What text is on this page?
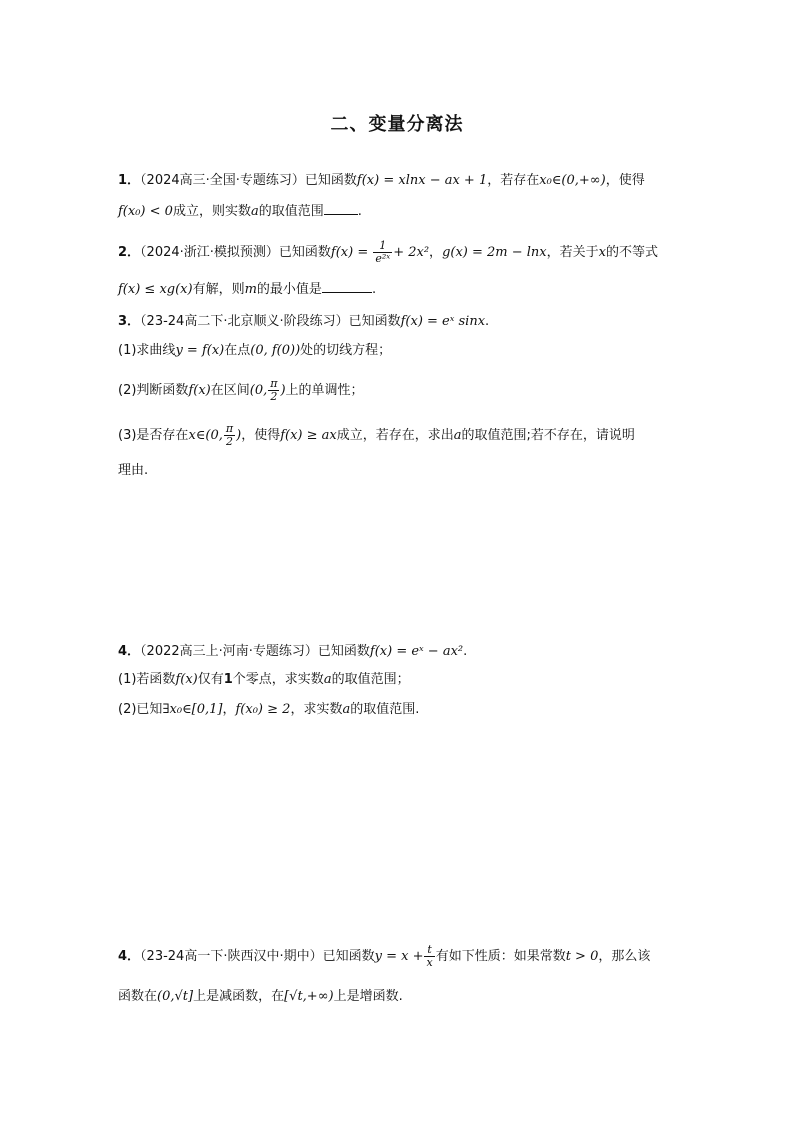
二、变量分离法
1．（2024高三·全国·专题练习）已知函数f(x) = xlnx − ax + 1，若存在x₀∈(0,+∞)，使得
f(x₀) < 0成立，则实数a的取值范围	.
2．（2024·浙江·模拟预测）已知函数$f(x) = \frac{1}{\text{e²ˣ}} + 2x^2$，g(x) = 2m − lnx，若关于x的不等式
f(x) ≤ xg(x)有解，则m的最小值是	.
3．（23-24高二下·北京顺义·阶段练习）已知函数f(x) = eˣ sinx.
(1)求曲线y = f(x)在点(0, f(0))处的切线方程；
(2)判断函数f(x)在区间(0, $\frac{\pi}{2}$ )上的单调性；
(3)是否存在x∈(0, $\frac{\pi}{2}$ )，使得f(x) ≥ ax成立，若存在，求出a的取值范围;若不存在，请说明
理由.
4．（2022高三上·河南·专题练习）已知函数f(x) = eˣ − ax².
(1)若函数f(x)仅有1个零点，求实数a的取值范围；
(2)已知∃x₀∈[0,1]，f(x₀) ≥ 2，求实数a的取值范围.
4．（23-24高一下·陕西汉中·期中）已知函数$y = x + \frac{t}{x}$ 有如下性质：如果常数t > 0，那么该
函数在(0,√t]上是减函数，在[√t,+∞)上是增函数.
